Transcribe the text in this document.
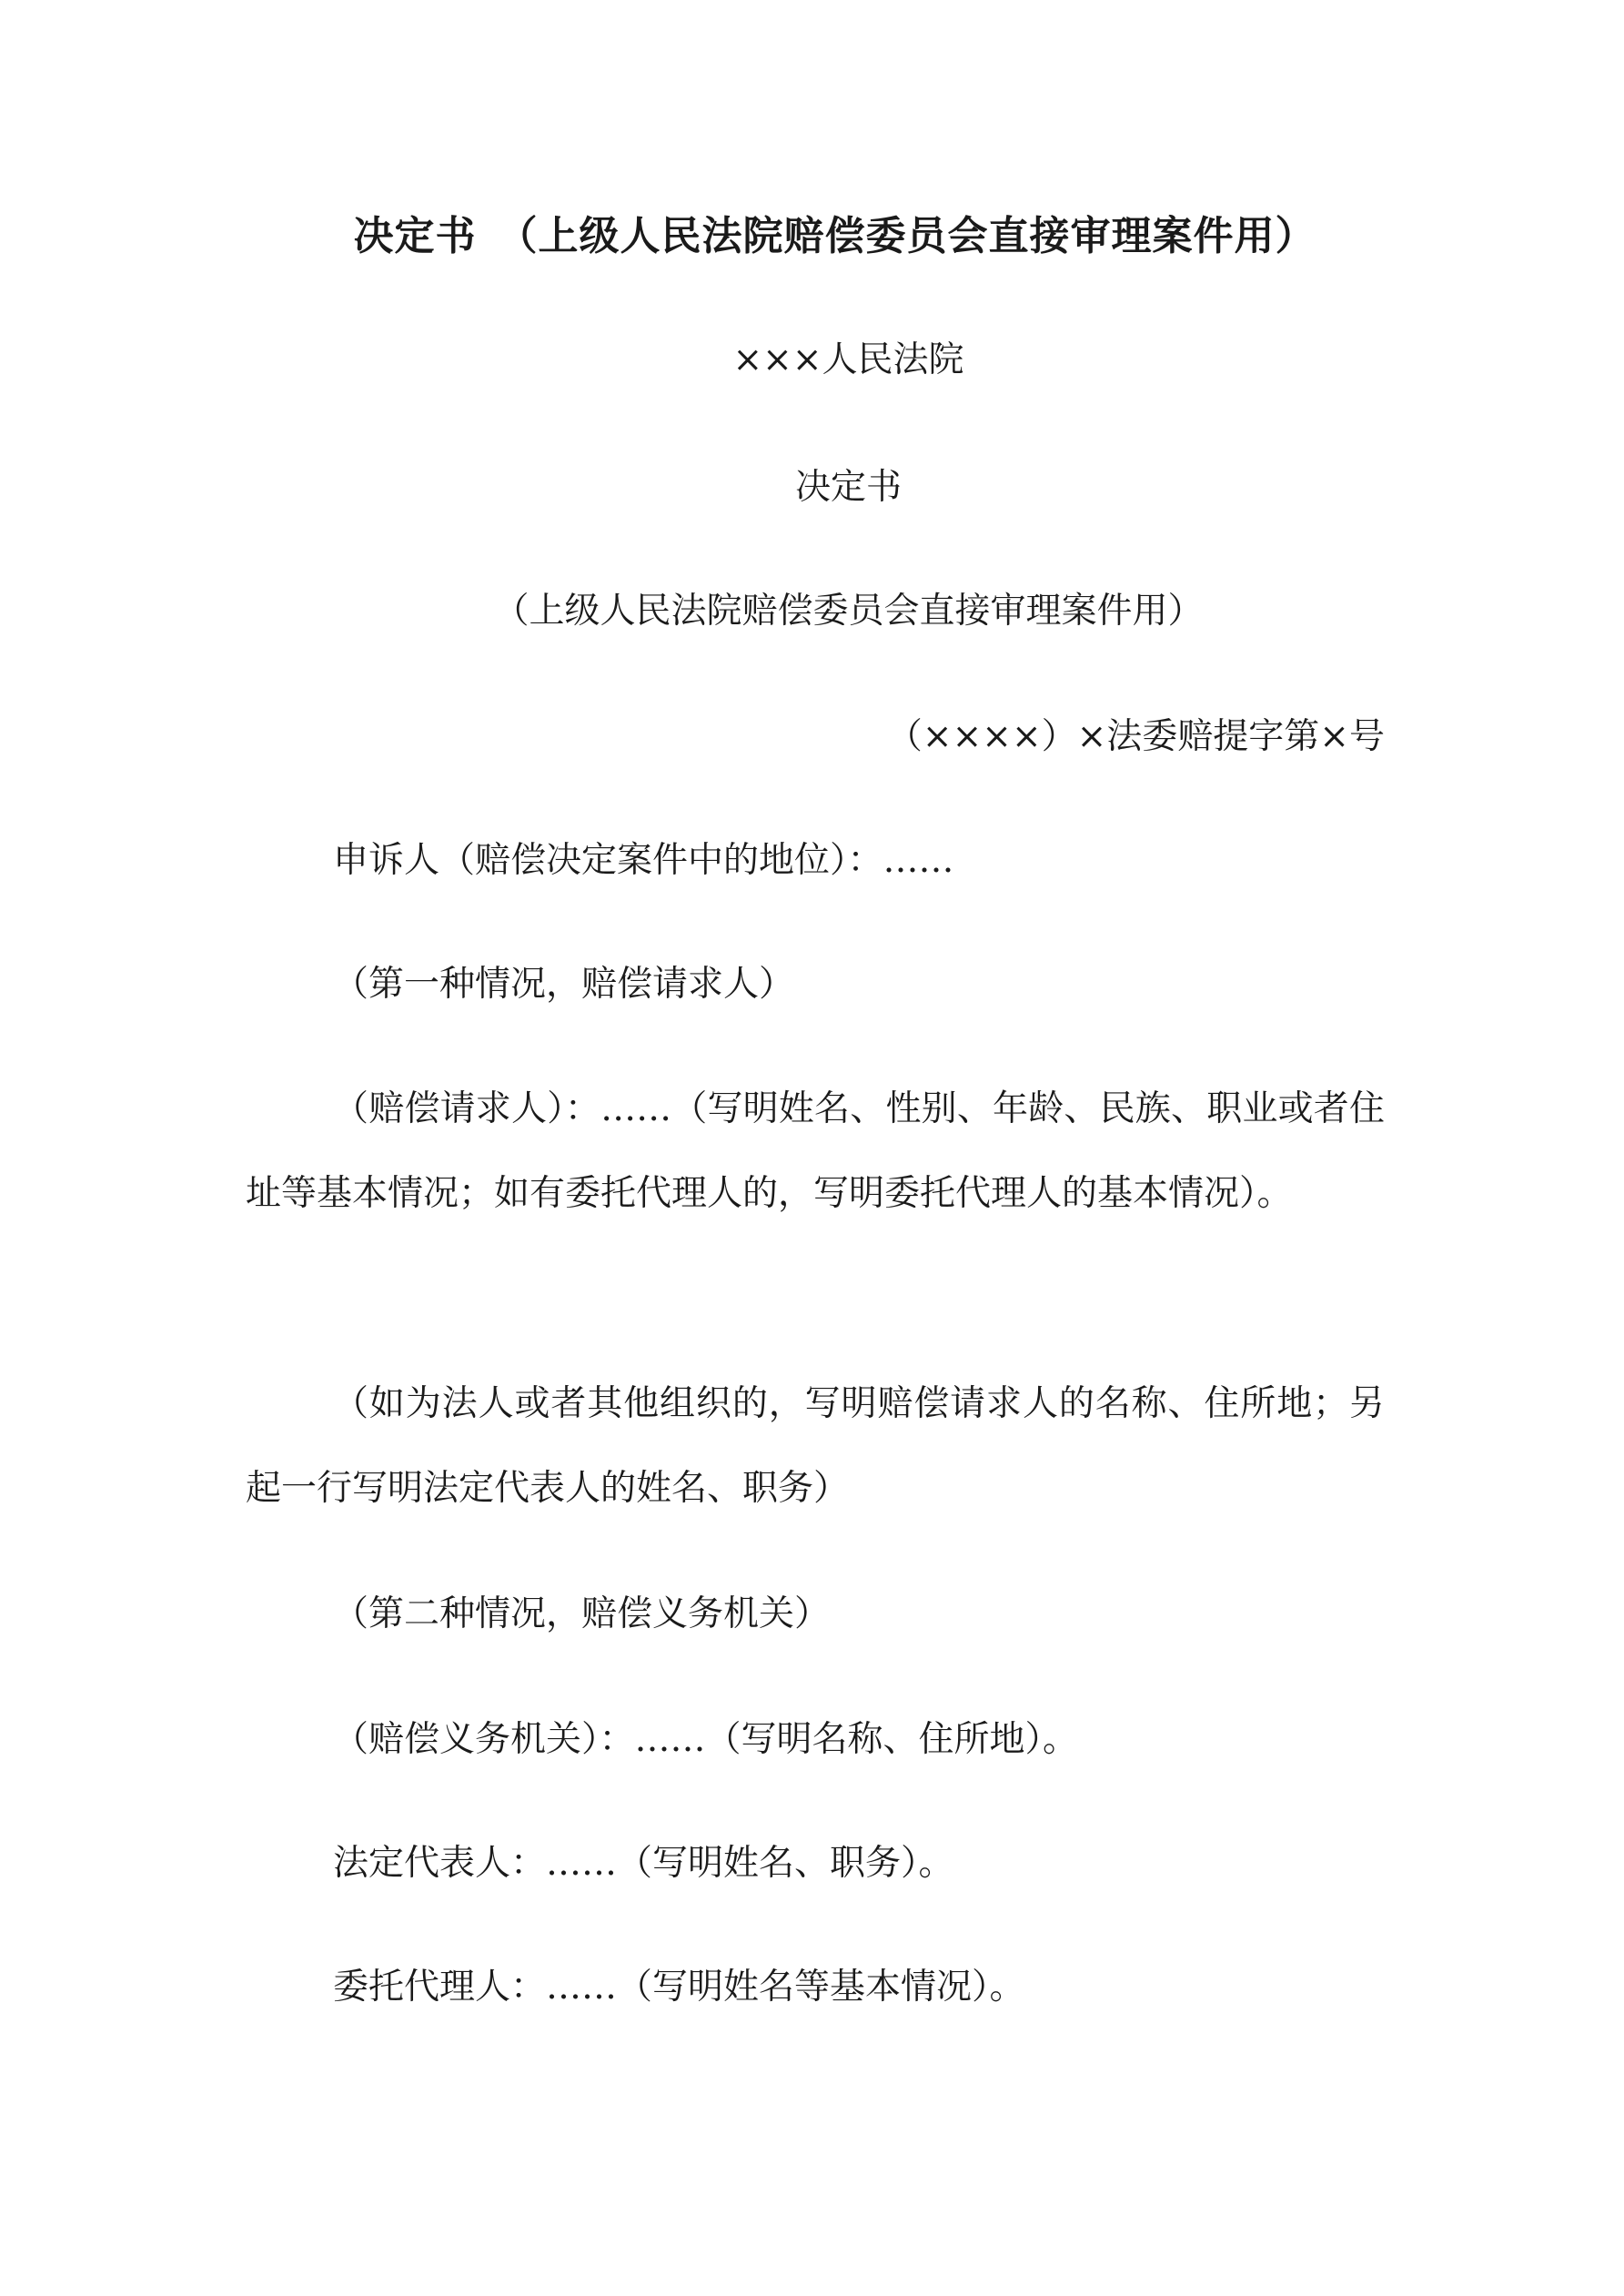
决定书　（上级人民法院赔偿委员会直接审理案件用）
×××人民法院
决定书
（上级人民法院赔偿委员会直接审理案件用）
（××××）×法委赔提字第×号
申诉人（赔偿决定案件中的地位）：……
（第一种情况，赔偿请求人）

（赔偿请求人）：……（写明姓名、性别、年龄、民族、职业或者住址等基本情况；如有委托代理人的，写明委托代理人的基本情况）。

（如为法人或者其他组织的，写明赔偿请求人的名称、住所地；另起一行写明法定代表人的姓名、职务）

（第二种情况，赔偿义务机关）
（赔偿义务机关）：……（写明名称、住所地）。
法定代表人：……（写明姓名、职务）。
委托代理人：……（写明姓名等基本情况）。
